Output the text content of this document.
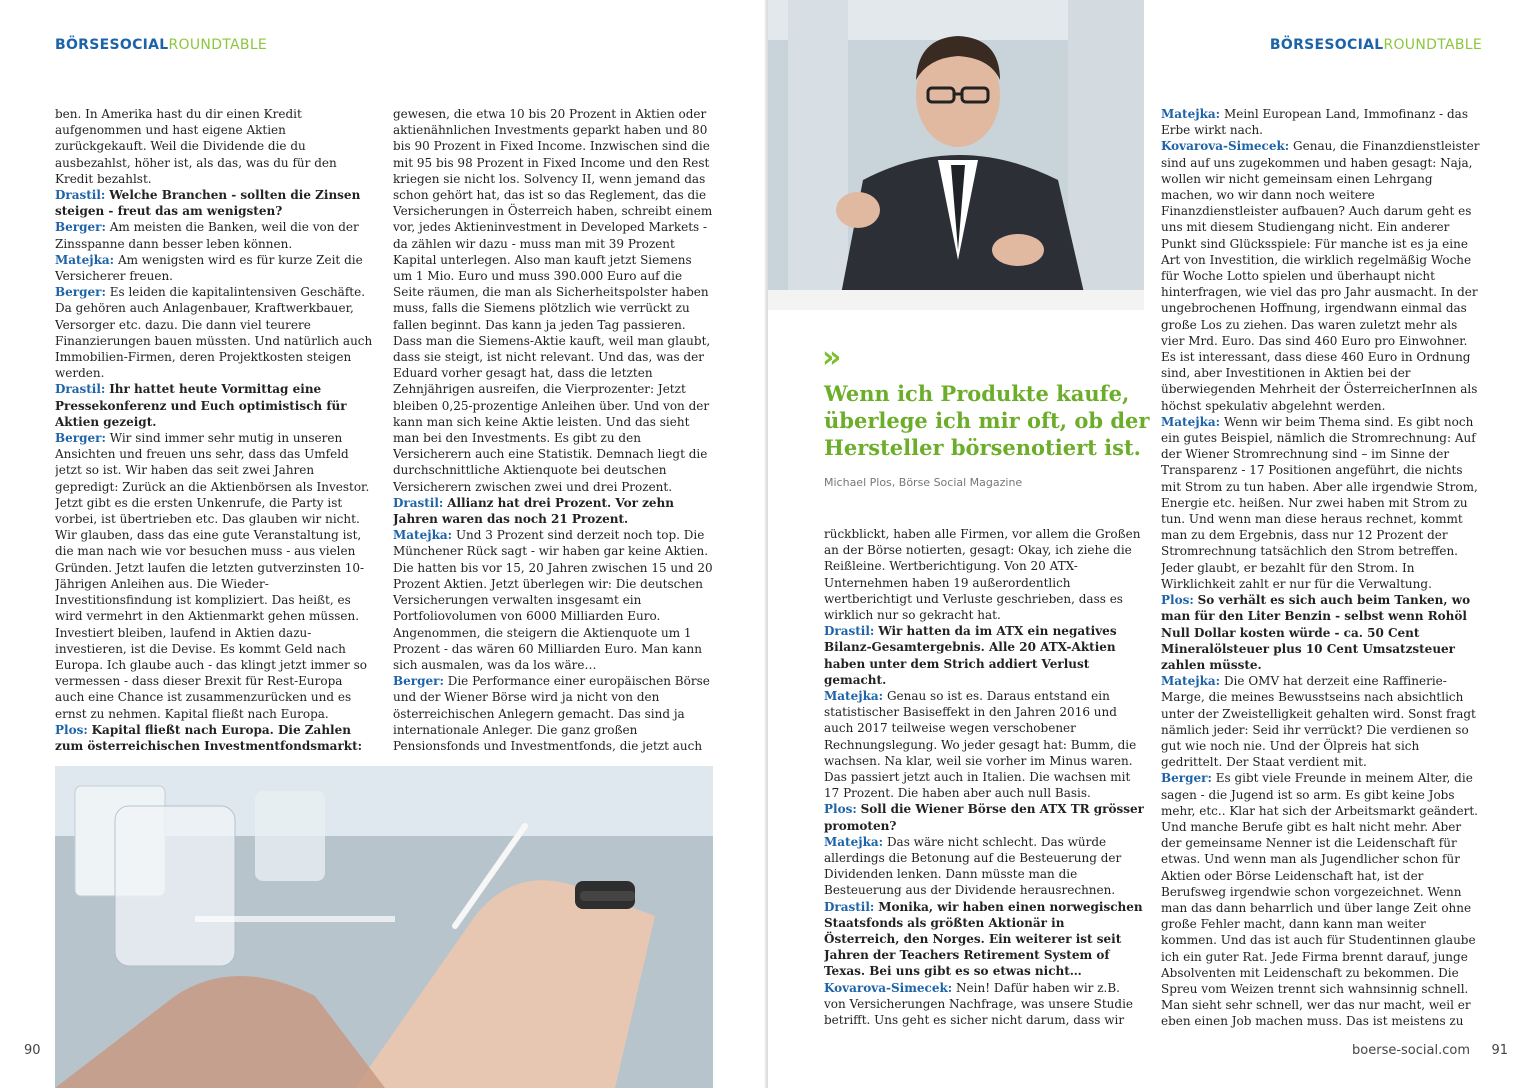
BÖRSESOCIALROUNDTABLE

ben. In Amerika hast du dir einen Kredit aufgenommen und hast eigene Aktien zurückgekauft. Weil die Dividende die du ausbezahlst, höher ist, als das, was du für den Kredit bezahlst.

Drastil: Welche Branchen - sollten die Zinsen steigen - freut das am wenigsten?

Berger: Am meisten die Banken, weil die von der Zinsspanne dann besser leben können.

Matejka: Am wenigsten wird es für kurze Zeit die Versicherer freuen.

Berger: Es leiden die kapitalintensiven Geschäfte. Da gehören auch Anlagenbauer, Kraftwerkbauer, Versorger etc. dazu. Die dann viel teurere Finanzierungen bauen müssten. Und natürlich auch Immobilien-Firmen, deren Projektkosten steigen werden.

Drastil: Ihr hattet heute Vormittag eine Pressekonferenz und Euch optimistisch für Aktien gezeigt.

Berger: Wir sind immer sehr mutig in unseren Ansichten und freuen uns sehr, dass das Umfeld jetzt so ist. Wir haben das seit zwei Jahren gepredigt: Zurück an die Aktienbörsen als Investor. Jetzt gibt es die ersten Unkenrufe, die Party ist vorbei, ist übertrieben etc. Das glauben wir nicht. Wir glauben, dass das eine gute Veranstaltung ist, die man nach wie vor besuchen muss - aus vielen Gründen. Jetzt laufen die letzten gutverzinsten 10-Jährigen Anleihen aus. Die Wieder-Investitionsfindung ist kompliziert. Das heißt, es wird vermehrt in den Aktienmarkt gehen müssen. Investiert bleiben, laufend in Aktien dazu-investieren, ist die Devise. Es kommt Geld nach Europa. Ich glaube auch - das klingt jetzt immer so vermessen - dass dieser Brexit für Rest-Europa auch eine Chance ist zusammenzurücken und es ernst zu nehmen. Kapital fließt nach Europa.

Plos: Kapital fließt nach Europa. Die Zahlen zum österreichischen Investmentfondsmarkt:

gewesen, die etwa 10 bis 20 Prozent in Aktien oder aktienähnlichen Investments geparkt haben und 80 bis 90 Prozent in Fixed Income. Inzwischen sind die mit 95 bis 98 Prozent in Fixed Income und den Rest kriegen sie nicht los. Solvency II, wenn jemand das schon gehört hat, das ist so das Reglement, das die Versicherungen in Österreich haben, schreibt einem vor, jedes Aktieninvestment in Developed Markets - da zählen wir dazu - muss man mit 39 Prozent Kapital unterlegen. Also man kauft jetzt Siemens um 1 Mio. Euro und muss 390.000 Euro auf die Seite räumen, die man als Sicherheitspolster haben muss, falls die Siemens plötzlich wie verrückt zu fallen beginnt. Das kann ja jeden Tag passieren. Dass man die Siemens-Aktie kauft, weil man glaubt, dass sie steigt, ist nicht relevant. Und das, was der Eduard vorher gesagt hat, dass die letzten Zehnjährigen ausreifen, die Vierprozenter: Jetzt bleiben 0,25-prozentige Anleihen über. Und von der kann man sich keine Aktie leisten. Und das sieht man bei den Investments. Es gibt zu den Versicherern auch eine Statistik. Demnach liegt die durchschnittliche Aktienquote bei deutschen Versicherern zwischen zwei und drei Prozent.

Drastil: Allianz hat drei Prozent. Vor zehn Jahren waren das noch 21 Prozent.

Matejka: Und 3 Prozent sind derzeit noch top. Die Münchener Rück sagt - wir haben gar keine Aktien. Die hatten bis vor 15, 20 Jahren zwischen 15 und 20 Prozent Aktien. Jetzt überlegen wir: Die deutschen Versicherungen verwalten insgesamt ein Portfoliovolumen von 6000 Milliarden Euro. Angenommen, die steigern die Aktienquote um 1 Prozent - das wären 60 Milliarden Euro. Man kann sich ausmalen, was da los wäre…

Berger: Die Performance einer europäischen Börse und der Wiener Börse wird ja nicht von den österreichischen Anlegern gemacht. Das sind ja internationale Anleger. Die ganz großen Pensionsfonds und Investmentfonds, die jetzt auch

90
BÖRSESOCIALROUNDTABLE
»

Wenn ich Produkte kaufe, überlege ich mir oft, ob der Hersteller börsenotiert ist.

Michael Plos, Börse Social Magazine

rückblickt, haben alle Firmen, vor allem die Großen an der Börse notierten, gesagt: Okay, ich ziehe die Reißleine. Wertberichtigung. Von 20 ATX-Unternehmen haben 19 außerordentlich wertberichtigt und Verluste geschrieben, dass es wirklich nur so gekracht hat.

Drastil: Wir hatten da im ATX ein negatives Bilanz-Gesamtergebnis. Alle 20 ATX-Aktien haben unter dem Strich addiert Verlust gemacht.

Matejka: Genau so ist es. Daraus entstand ein statistischer Basiseffekt in den Jahren 2016 und auch 2017 teilweise wegen verschobener Rechnungslegung. Wo jeder gesagt hat: Bumm, die wachsen. Na klar, weil sie vorher im Minus waren. Das passiert jetzt auch in Italien. Die wachsen mit 17 Prozent. Die haben aber auch null Basis.

Plos: Soll die Wiener Börse den ATX TR grösser promoten?

Matejka: Das wäre nicht schlecht. Das würde allerdings die Betonung auf die Besteuerung der Dividenden lenken. Dann müsste man die Besteuerung aus der Dividende herausrechnen.

Drastil: Monika, wir haben einen norwegischen Staatsfonds als größten Aktionär in Österreich, den Norges. Ein weiterer ist seit Jahren der Teachers Retirement System of Texas. Bei uns gibt es so etwas nicht…

Kovarova-Simecek: Nein! Dafür haben wir z.B. von Versicherungen Nachfrage, was unsere Studie betrifft. Uns geht es sicher nicht darum, dass wir

Matejka: Meinl European Land, Immofinanz - das Erbe wirkt nach.

Kovarova-Simecek: Genau, die Finanzdienstleister sind auf uns zugekommen und haben gesagt: Naja, wollen wir nicht gemeinsam einen Lehrgang machen, wo wir dann noch weitere Finanzdienstleister aufbauen? Auch darum geht es uns mit diesem Studiengang nicht. Ein anderer Punkt sind Glücksspiele: Für manche ist es ja eine Art von Investition, die wirklich regelmäßig Woche für Woche Lotto spielen und überhaupt nicht hinterfragen, wie viel das pro Jahr ausmacht. In der ungebrochenen Hoffnung, irgendwann einmal das große Los zu ziehen. Das waren zuletzt mehr als vier Mrd. Euro. Das sind 460 Euro pro Einwohner. Es ist interessant, dass diese 460 Euro in Ordnung sind, aber Investitionen in Aktien bei der überwiegenden Mehrheit der ÖsterreicherInnen als höchst spekulativ abgelehnt werden.

Matejka: Wenn wir beim Thema sind. Es gibt noch ein gutes Beispiel, nämlich die Stromrechnung: Auf der Wiener Stromrechnung sind – im Sinne der Transparenz - 17 Positionen angeführt, die nichts mit Strom zu tun haben. Aber alle irgendwie Strom, Energie etc. heißen. Nur zwei haben mit Strom zu tun. Und wenn man diese heraus rechnet, kommt man zu dem Ergebnis, dass nur 12 Prozent der Stromrechnung tatsächlich den Strom betreffen. Jeder glaubt, er bezahlt für den Strom. In Wirklichkeit zahlt er nur für die Verwaltung.

Plos: So verhält es sich auch beim Tanken, wo man für den Liter Benzin - selbst wenn Rohöl Null Dollar kosten würde - ca. 50 Cent Mineralölsteuer plus 10 Cent Umsatzsteuer zahlen müsste.

Matejka: Die OMV hat derzeit eine Raffinerie-Marge, die meines Bewusstseins nach absichtlich unter der Zweistelligkeit gehalten wird. Sonst fragt nämlich jeder: Seid ihr verrückt? Die verdienen so gut wie noch nie. Und der Ölpreis hat sich gedrittelt. Der Staat verdient mit.

Berger: Es gibt viele Freunde in meinem Alter, die sagen - die Jugend ist so arm. Es gibt keine Jobs mehr, etc.. Klar hat sich der Arbeitsmarkt geändert. Und manche Berufe gibt es halt nicht mehr. Aber der gemeinsame Nenner ist die Leidenschaft für etwas. Und wenn man als Jugendlicher schon für Aktien oder Börse Leidenschaft hat, ist der Berufsweg irgendwie schon vorgezeichnet. Wenn man das dann beharrlich und über lange Zeit ohne große Fehler macht, dann kann man weiter kommen. Und das ist auch für Studentinnen glaube ich ein guter Rat. Jede Firma brennt darauf, junge Absolventen mit Leidenschaft zu bekommen. Die Spreu vom Weizen trennt sich wahnsinnig schnell. Man sieht sehr schnell, wer das nur macht, weil er eben einen Job machen muss. Das ist meistens zu

boerse-social.com 91
